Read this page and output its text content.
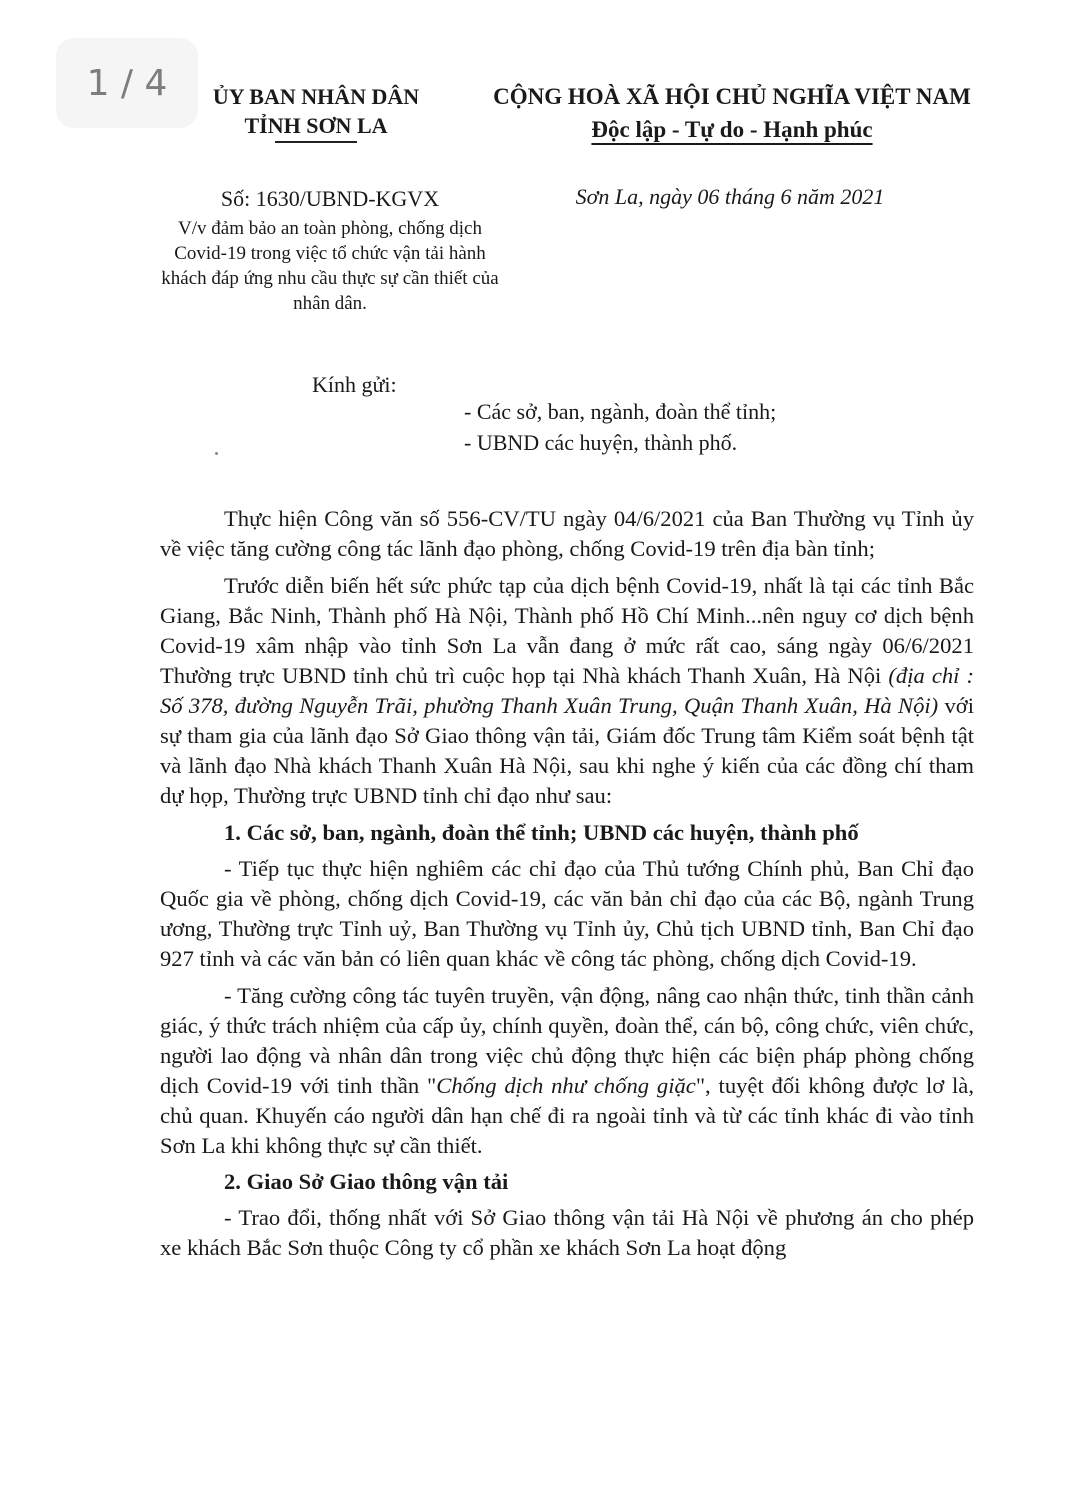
1 / 4	ỦY BAN NHÂN DÂN
TỈNH SƠN LA
CỘNG HOÀ XÃ HỘI CHỦ NGHĨA VIỆT NAM
Độc lập - Tự do - Hạnh phúc
Số: 1630/UBND-KGVX
V/v đảm bảo an toàn phòng, chống dịch Covid-19 trong việc tổ chức vận tải hành khách đáp ứng nhu cầu thực sự cần thiết của nhân dân.
Sơn La, ngày 06 tháng 6 năm 2021
Kính gửi:
- Các sở, ban, ngành, đoàn thể tỉnh;
- UBND các huyện, thành phố.

Thực hiện Công văn số 556-CV/TU ngày 04/6/2021 của Ban Thường vụ Tỉnh ủy về việc tăng cường công tác lãnh đạo phòng, chống Covid-19 trên địa bàn tỉnh;

Trước diễn biến hết sức phức tạp của dịch bệnh Covid-19, nhất là tại các tỉnh Bắc Giang, Bắc Ninh, Thành phố Hà Nội, Thành phố Hồ Chí Minh...nên nguy cơ dịch bệnh Covid-19 xâm nhập vào tỉnh Sơn La vẫn đang ở mức rất cao, sáng ngày 06/6/2021 Thường trực UBND tỉnh chủ trì cuộc họp tại Nhà khách Thanh Xuân, Hà Nội (địa chỉ : Số 378, đường Nguyễn Trãi, phường Thanh Xuân Trung, Quận Thanh Xuân, Hà Nội) với sự tham gia của lãnh đạo Sở Giao thông vận tải, Giám đốc Trung tâm Kiểm soát bệnh tật và lãnh đạo Nhà khách Thanh Xuân Hà Nội, sau khi nghe ý kiến của các đồng chí tham dự họp, Thường trực UBND tỉnh chỉ đạo như sau:

1. Các sở, ban, ngành, đoàn thể tỉnh; UBND các huyện, thành phố

- Tiếp tục thực hiện nghiêm các chỉ đạo của Thủ tướng Chính phủ, Ban Chỉ đạo Quốc gia về phòng, chống dịch Covid-19, các văn bản chỉ đạo của các Bộ, ngành Trung ương, Thường trực Tỉnh uỷ, Ban Thường vụ Tỉnh ủy, Chủ tịch UBND tỉnh, Ban Chỉ đạo 927 tỉnh và các văn bản có liên quan khác về công tác phòng, chống dịch Covid-19.

- Tăng cường công tác tuyên truyền, vận động, nâng cao nhận thức, tinh thần cảnh giác, ý thức trách nhiệm của cấp ủy, chính quyền, đoàn thể, cán bộ, công chức, viên chức, người lao động và nhân dân trong việc chủ động thực hiện các biện pháp phòng chống dịch Covid-19 với tinh thần "Chống dịch như chống giặc", tuyệt đối không được lơ là, chủ quan. Khuyến cáo người dân hạn chế đi ra ngoài tỉnh và từ các tỉnh khác đi vào tỉnh Sơn La khi không thực sự cần thiết.

2. Giao Sở Giao thông vận tải

- Trao đổi, thống nhất với Sở Giao thông vận tải Hà Nội về phương án cho phép xe khách Bắc Sơn thuộc Công ty cổ phần xe khách Sơn La hoạt động
